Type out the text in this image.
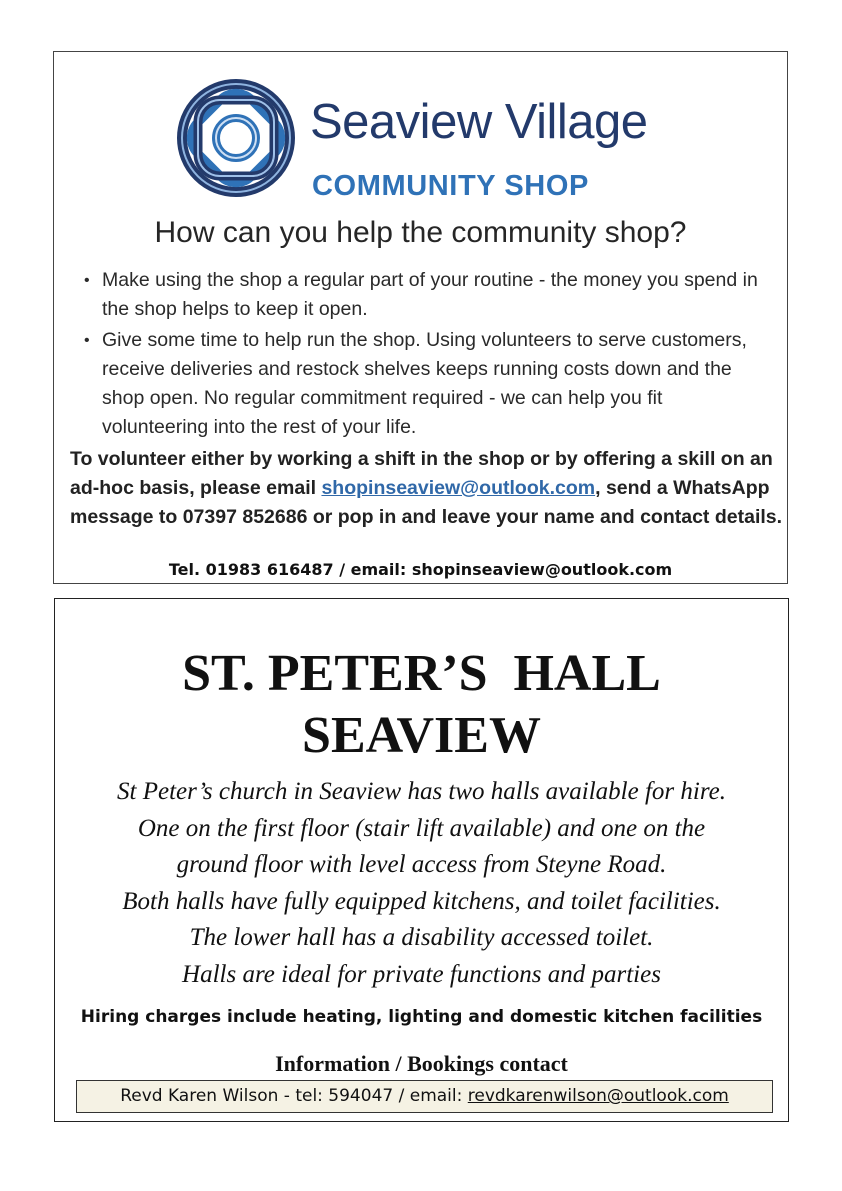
Seaview Village
COMMUNITY SHOP
How can you help the community shop?
• Make using the shop a regular part of your routine - the money you spend in the shop helps to keep it open.
• Give some time to help run the shop. Using volunteers to serve customers, receive deliveries and restock shelves keeps running costs down and the shop open. No regular commitment required - we can help you fit volunteering into the rest of your life.
To volunteer either by working a shift in the shop or by offering a skill on an ad-hoc basis, please email shopinseaview@outlook.com, send a WhatsApp message to 07397 852686 or pop in and leave your name and contact details.
Tel. 01983 616487 / email: shopinseaview@outlook.com
ST. PETER’S  HALL
SEAVIEW
St Peter’s church in Seaview has two halls available for hire.
One on the first floor (stair lift available) and one on the
ground floor with level access from Steyne Road.
Both halls have fully equipped kitchens, and toilet facilities.
The lower hall has a disability accessed toilet.
Halls are ideal for private functions and parties
Hiring charges include heating, lighting and domestic kitchen facilities
Information / Bookings contact
Revd Karen Wilson - tel: 594047 / email: revdkarenwilson@outlook.com
